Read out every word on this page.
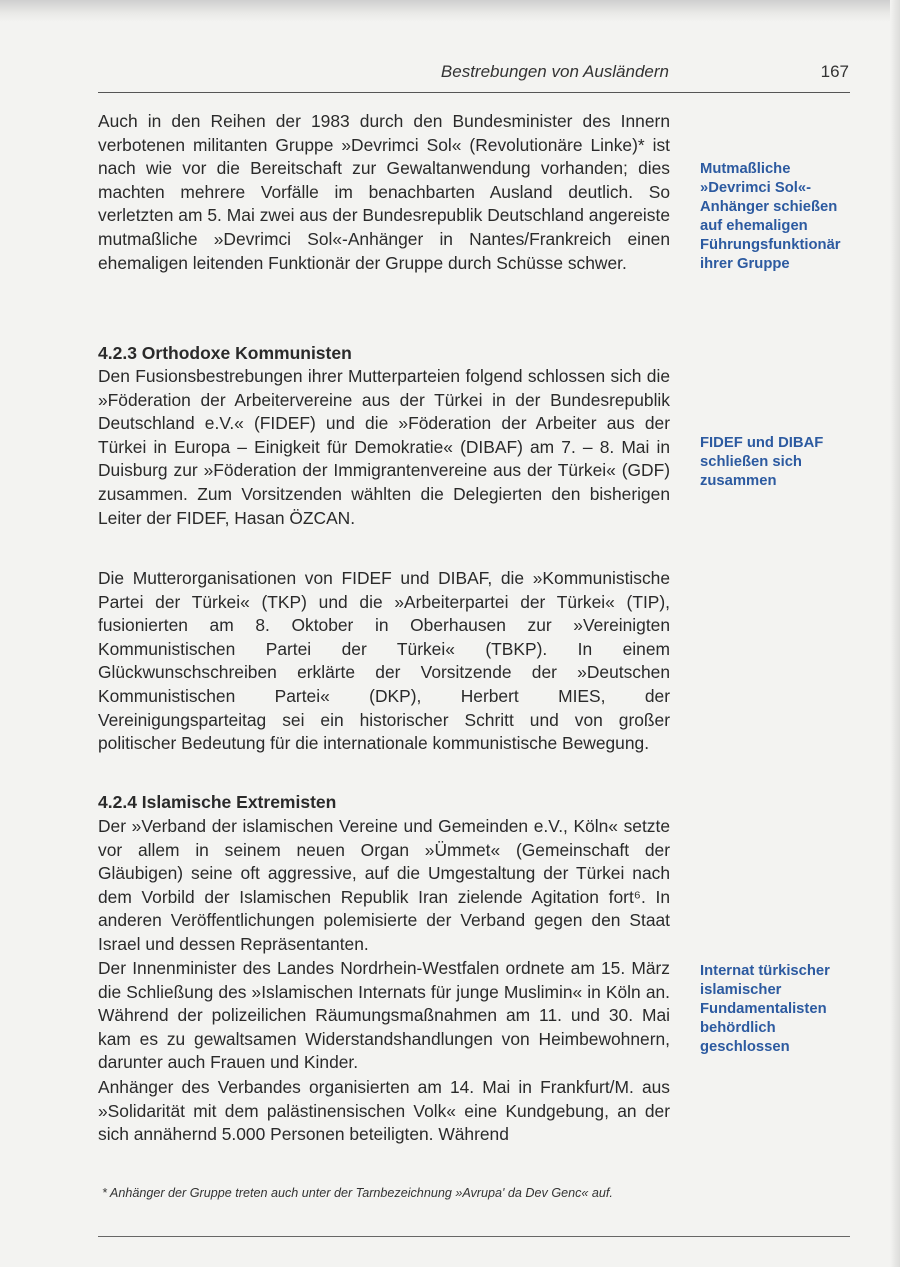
Bestrebungen von Ausländern	167

Auch in den Reihen der 1983 durch den Bundesminister des Innern verbotenen militanten Gruppe »Devrimci Sol« (Revolutionäre Linke)* ist nach wie vor die Bereitschaft zur Gewaltanwendung vorhanden; dies machten mehrere Vorfälle im benachbarten Ausland deutlich. So verletzten am 5. Mai zwei aus der Bundesrepublik Deutschland angereiste mutmaßliche »Devrimci Sol«-Anhänger in Nantes/Frankreich einen ehemaligen leitenden Funktionär der Gruppe durch Schüsse schwer.

4.2.3 Orthodoxe Kommunisten

Den Fusionsbestrebungen ihrer Mutterparteien folgend schlossen sich die »Föderation der Arbeitervereine aus der Türkei in der Bundesrepublik Deutschland e.V.« (FIDEF) und die »Föderation der Arbeiter aus der Türkei in Europa – Einigkeit für Demokratie« (DIBAF) am 7. – 8. Mai in Duisburg zur »Föderation der Immigrantenvereine aus der Türkei« (GDF) zusammen. Zum Vorsitzenden wählten die Delegierten den bisherigen Leiter der FIDEF, Hasan ÖZCAN.

Die Mutterorganisationen von FIDEF und DIBAF, die »Kommunistische Partei der Türkei« (TKP) und die »Arbeiterpartei der Türkei« (TIP), fusionierten am 8. Oktober in Oberhausen zur »Vereinigten Kommunistischen Partei der Türkei« (TBKP). In einem Glückwunschschreiben erklärte der Vorsitzende der »Deutschen Kommunistischen Partei« (DKP), Herbert MIES, der Vereinigungsparteitag sei ein historischer Schritt und von großer politischer Bedeutung für die internationale kommunistische Bewegung.

4.2.4 Islamische Extremisten

Der »Verband der islamischen Vereine und Gemeinden e.V., Köln« setzte vor allem in seinem neuen Organ »Ümmet« (Gemeinschaft der Gläubigen) seine oft aggressive, auf die Umgestaltung der Türkei nach dem Vorbild der Islamischen Republik Iran zielende Agitation fort⁶. In anderen Veröffentlichungen polemisierte der Verband gegen den Staat Israel und dessen Repräsentanten.

Der Innenminister des Landes Nordrhein-Westfalen ordnete am 15. März die Schließung des »Islamischen Internats für junge Muslimin« in Köln an. Während der polizeilichen Räumungsmaßnahmen am 11. und 30. Mai kam es zu gewaltsamen Widerstandshandlungen von Heimbewohnern, darunter auch Frauen und Kinder.

Anhänger des Verbandes organisierten am 14. Mai in Frankfurt/M. aus »Solidarität mit dem palästinensischen Volk« eine Kundgebung, an der sich annähernd 5.000 Personen beteiligten. Während

Mutmaßliche »Devrimci Sol«-Anhänger schießen auf ehemaligen Führungsfunktionär ihrer Gruppe
FIDEF und DIBAF schließen sich zusammen
Internat türkischer islamischer Fundamentalisten behördlich geschlossen
* Anhänger der Gruppe treten auch unter der Tarnbezeichnung »Avrupa' da Dev Genc« auf.
